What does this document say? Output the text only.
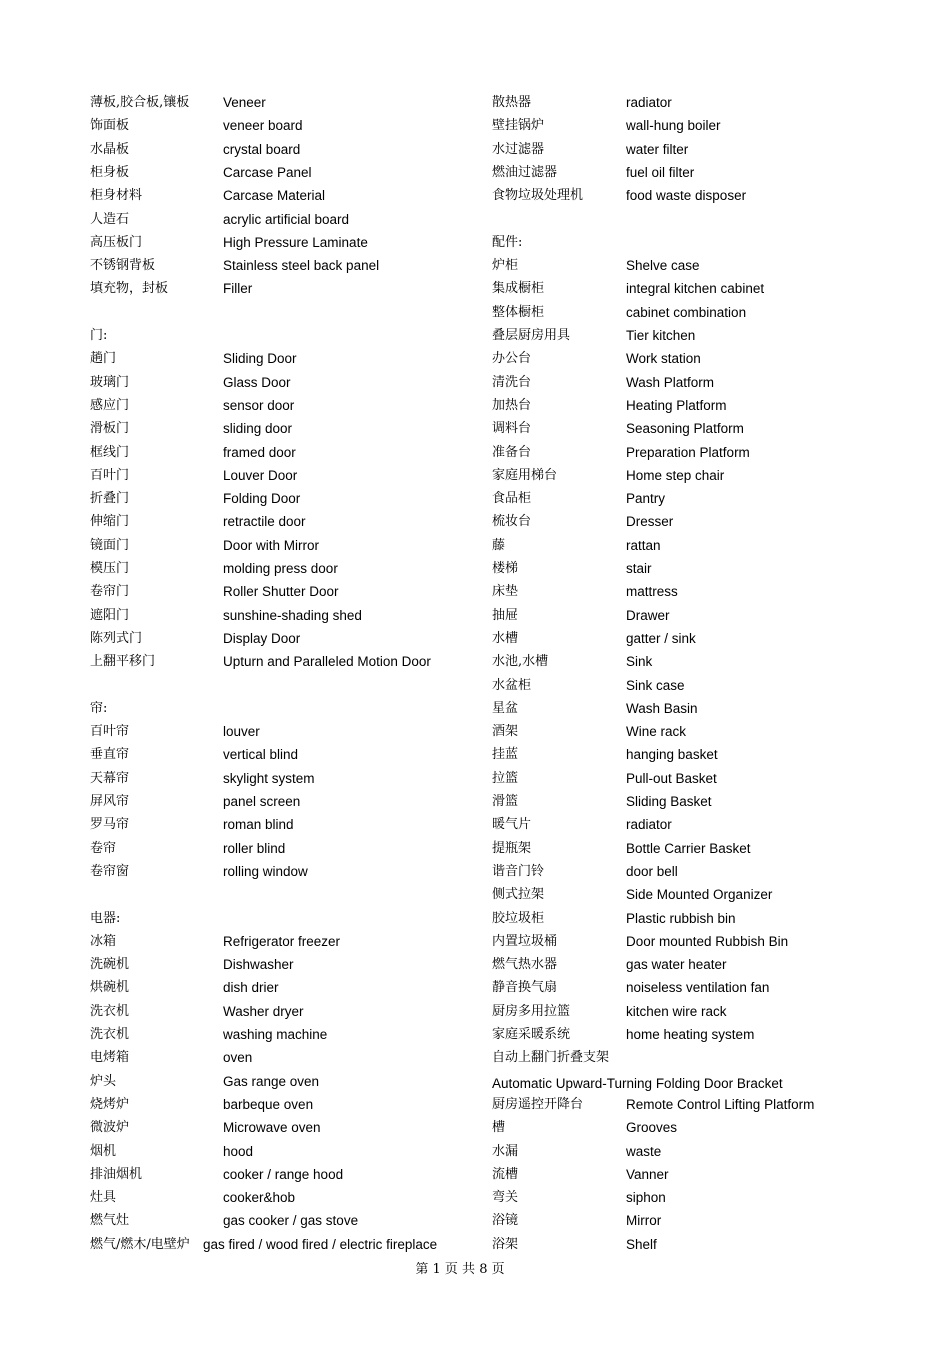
薄板,胶合板,镶板 Veneer
饰面板	veneer board
水晶板	crystal board
柜身板	Carcase Panel
柜身材料	Carcase Material
人造石	acrylic artificial board
高压板门	High Pressure Laminate
不锈钢背板	Stainless steel back panel
填充物，封板	Filler
门:
趟门	Sliding Door
玻璃门	Glass Door
感应门	sensor door
滑板门	sliding door
框线门	framed door
百叶门	Louver Door
折叠门	Folding Door
伸缩门	retractile door
镜面门	Door with Mirror
模压门	molding press door
卷帘门	Roller Shutter Door
遮阳门	sunshine-shading shed
陈列式门	Display Door
上翻平移门	Upturn and Paralleled Motion Door
帘:
百叶帘	louver
垂直帘	vertical blind
天幕帘	skylight system
屏风帘	panel screen
罗马帘	roman blind
卷帘	roller blind
卷帘窗	rolling window
电器:
冰箱	Refrigerator freezer
洗碗机	Dishwasher
烘碗机	dish drier
洗衣机	Washer dryer
洗衣机	washing machine
电烤箱	oven
炉头	Gas range oven
烧烤炉	barbeque oven
微波炉	Microwave oven
烟机	hood
排油烟机	cooker / range hood
灶具	cooker&hob
燃气灶	gas cooker / gas stove
燃气/燃木/电壁炉 gas fired / wood fired / electric fireplace
散热器	radiator
壁挂锅炉	wall-hung boiler
水过滤器	water filter
燃油过滤器	fuel oil filter
食物垃圾处理机	food waste disposer
配件:
炉柜	Shelve case
集成橱柜	integral kitchen cabinet
整体橱柜	cabinet combination
叠层厨房用具	Tier kitchen
办公台	Work station
清洗台	Wash Platform
加热台	Heating Platform
调料台	Seasoning Platform
准备台	Preparation Platform
家庭用梯台	Home step chair
食品柜	Pantry
梳妆台	Dresser
藤	rattan
楼梯	stair
床垫	mattress
抽屉	Drawer
水槽	gatter / sink
水池,水槽	Sink
水盆柜	Sink case
星盆	Wash Basin
酒架	Wine rack
挂蓝	hanging basket
拉篮	Pull-out Basket
滑篮	Sliding Basket
暖气片	radiator
提瓶架	Bottle Carrier Basket
谐音门铃	door bell
侧式拉架	Side Mounted Organizer
胶垃圾柜	Plastic rubbish bin
内置垃圾桶	Door mounted Rubbish Bin
燃气热水器	gas water heater
静音换气扇	noiseless ventilation fan
厨房多用拉篮	kitchen wire rack
家庭采暖系统	home heating system
自动上翻门折叠支架
Automatic Upward-Turning Folding Door Bracket
厨房遥控开降台	Remote Control Lifting Platform
槽	Grooves
水漏	waste
流槽	Vanner
弯关	siphon
浴镜	Mirror
浴架	Shelf
第 1 页 共 8 页
